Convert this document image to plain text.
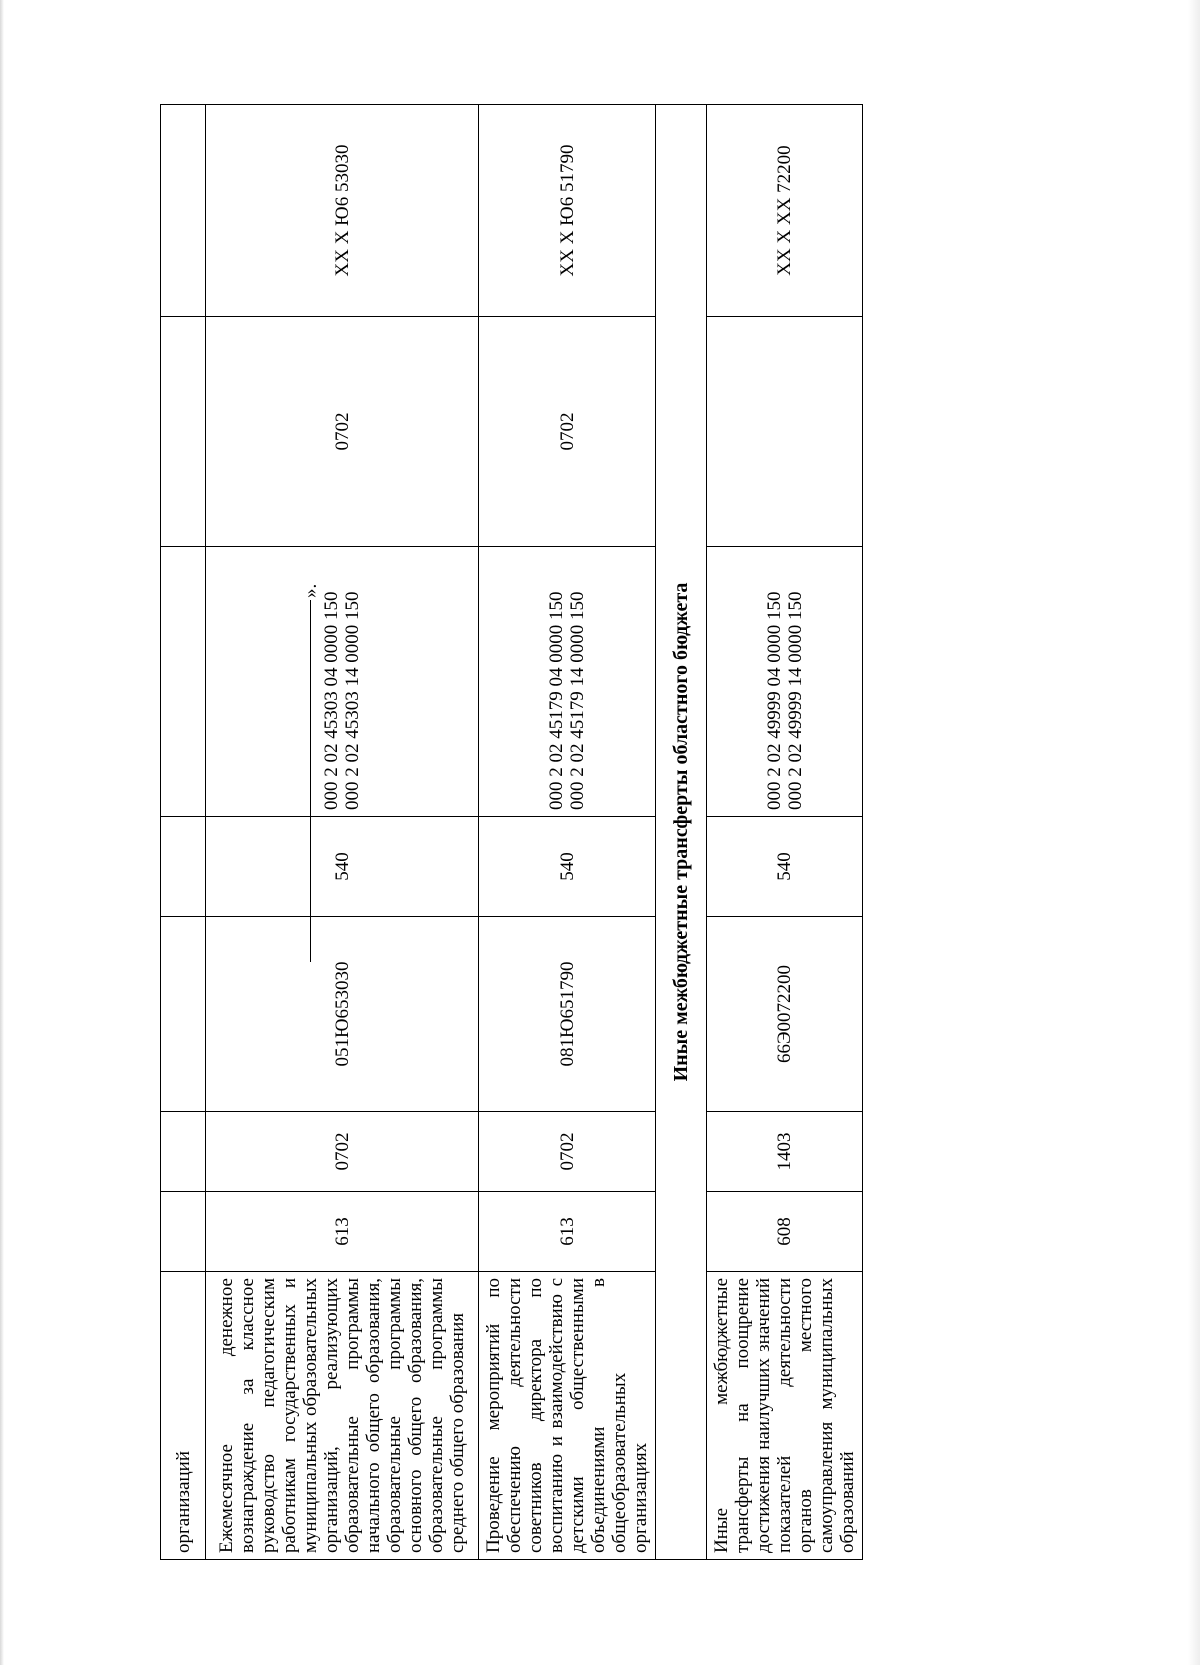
организаций							
Ежемесячное денежное вознаграждение за классное руководство педагогическим работникам государственных и муниципальных образовательных организаций, реализующих образовательные программы начального общего образования, образовательные программы основного общего образования, образовательные программы среднего общего образования	613	0702	051Ю653030	540	000 2 02 45303 04 0000 150 000 2 02 45303 14 0000 150	0702	ХХ Х Ю6 53030
Проведение мероприятий по обеспечению деятельности советников директора по воспитанию и взаимодействию с детскими общественными объединениями в общеобразовательных организациях	613	0702	081Ю651790	540	000 2 02 45179 04 0000 150 000 2 02 45179 14 0000 150	0702	ХХ Х Ю6 51790
Иные межбюджетные трансферты областного бюджета							
Иные межбюджетные трансферты на поощрение достижения наилучших значений показателей деятельности органов местного самоуправления муниципальных образований	608	1403	66Э0072200	540	000 2 02 49999 04 0000 150 000 2 02 49999 14 0000 150		ХХ Х ХХ 72200
».
